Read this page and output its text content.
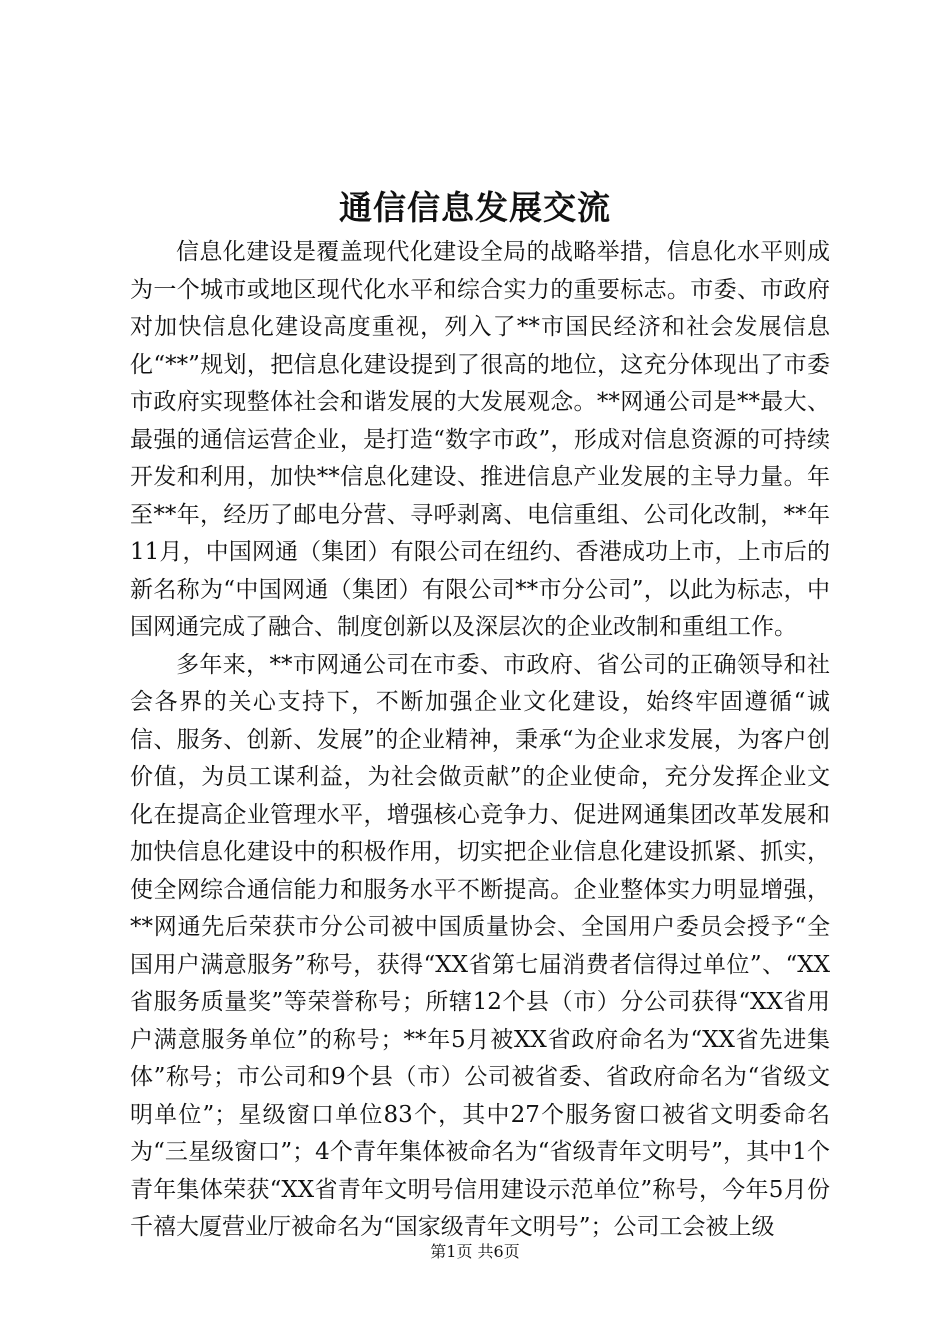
通信信息发展交流

信息化建设是覆盖现代化建设全局的战略举措，信息化水平则成为一个城市或地区现代化水平和综合实力的重要标志。市委、市政府对加快信息化建设高度重视，列入了**市国民经济和社会发展信息化“**”规划，把信息化建设提到了很高的地位，这充分体现出了市委市政府实现整体社会和谐发展的大发展观念。**网通公司是**最大、最强的通信运营企业，是打造“数字市政”，形成对信息资源的可持续开发和利用，加快**信息化建设、推进信息产业发展的主导力量。年至**年，经历了邮电分营、寻呼剥离、电信重组、公司化改制，**年11月，中国网通（集团）有限公司在纽约、香港成功上市，上市后的新名称为“中国网通（集团）有限公司**市分公司”，以此为标志，中国网通完成了融合、制度创新以及深层次的企业改制和重组工作。

多年来，**市网通公司在市委、市政府、省公司的正确领导和社会各界的关心支持下，不断加强企业文化建设，始终牢固遵循“诚信、服务、创新、发展”的企业精神，秉承“为企业求发展，为客户创价值，为员工谋利益，为社会做贡献”的企业使命，充分发挥企业文化在提高企业管理水平，增强核心竞争力、促进网通集团改革发展和加快信息化建设中的积极作用，切实把企业信息化建设抓紧、抓实，使全网综合通信能力和服务水平不断提高。企业整体实力明显增强，**网通先后荣获市分公司被中国质量协会、全国用户委员会授予“全国用户满意服务”称号，获得“XX省第七届消费者信得过单位”、“XX省服务质量奖”等荣誉称号；所辖12个县（市）分公司获得“XX省用户满意服务单位”的称号；**年5月被XX省政府命名为“XX省先进集体”称号；市公司和9个县（市）公司被省委、省政府命名为“省级文明单位”；星级窗口单位83个，其中27个服务窗口被省文明委命名为“三星级窗口”；4个青年集体被命名为“省级青年文明号”，其中1个青年集体荣获“XX省青年文明号信用建设示范单位”称号，今年5月份千禧大厦营业厅被命名为“国家级青年文明号”；公司工会被上级

第1页 共6页
